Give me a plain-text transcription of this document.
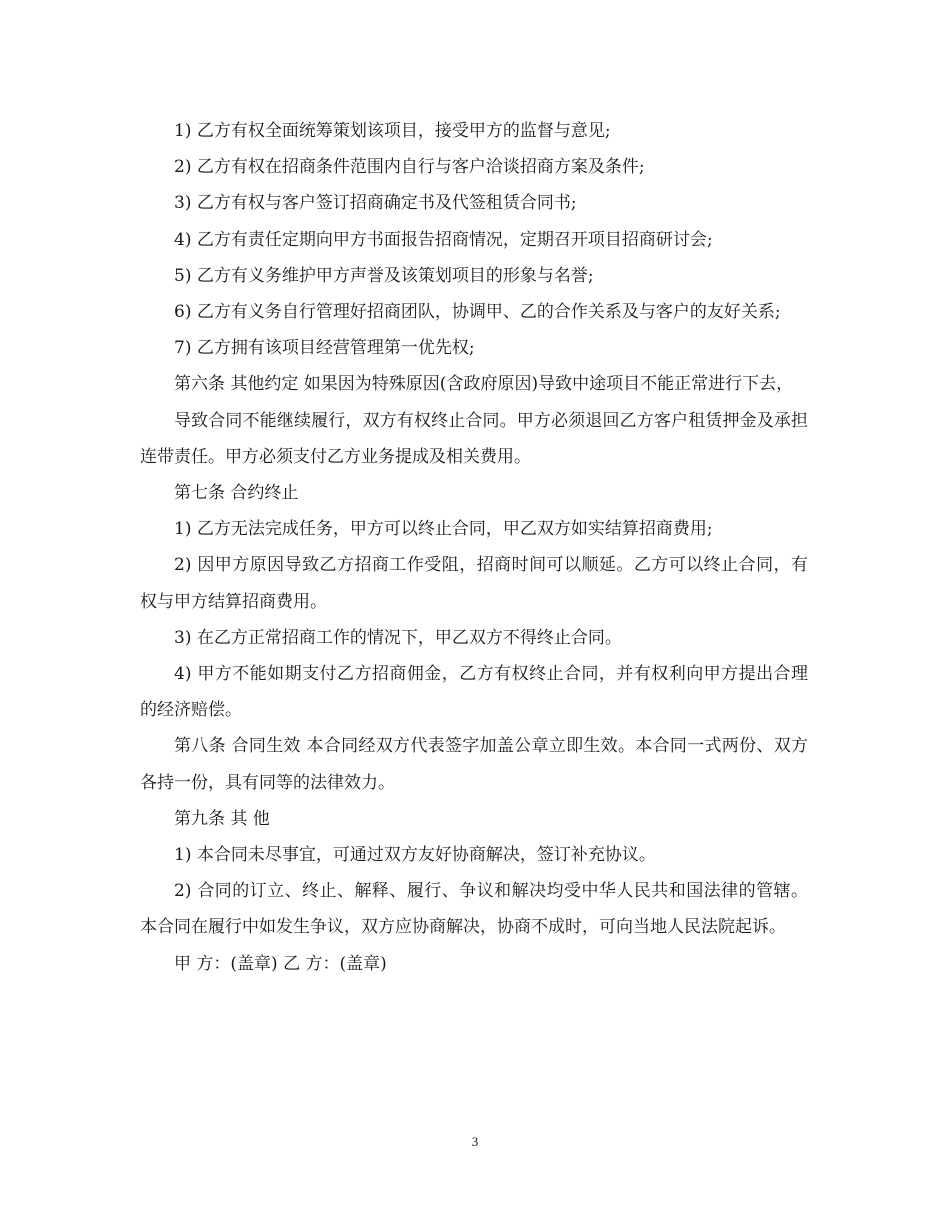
1) 乙方有权全面统筹策划该项目，接受甲方的监督与意见;

2) 乙方有权在招商条件范围内自行与客户洽谈招商方案及条件;

3) 乙方有权与客户签订招商确定书及代签租赁合同书;

4) 乙方有责任定期向甲方书面报告招商情况，定期召开项目招商研讨会;

5) 乙方有义务维护甲方声誉及该策划项目的形象与名誉;

6) 乙方有义务自行管理好招商团队，协调甲、乙的合作关系及与客户的友好关系;

7) 乙方拥有该项目经营管理第一优先权;

第六条 其他约定 如果因为特殊原因(含政府原因)导致中途项目不能正常进行下去，

导致合同不能继续履行，双方有权终止合同。甲方必须退回乙方客户租赁押金及承担连带责任。甲方必须支付乙方业务提成及相关费用。

第七条 合约终止

1) 乙方无法完成任务，甲方可以终止合同，甲乙双方如实结算招商费用;

2) 因甲方原因导致乙方招商工作受阻，招商时间可以顺延。乙方可以终止合同，有权与甲方结算招商费用。

3) 在乙方正常招商工作的情况下，甲乙双方不得终止合同。

4) 甲方不能如期支付乙方招商佣金，乙方有权终止合同，并有权利向甲方提出合理的经济赔偿。

第八条 合同生效 本合同经双方代表签字加盖公章立即生效。本合同一式两份、双方各持一份，具有同等的法律效力。

第九条 其 他

1) 本合同未尽事宜，可通过双方友好协商解决，签订补充协议。

2) 合同的订立、终止、解释、履行、争议和解决均受中华人民共和国法律的管辖。本合同在履行中如发生争议，双方应协商解决，协商不成时，可向当地人民法院起诉。

甲 方：(盖章) 乙 方：(盖章)

3
